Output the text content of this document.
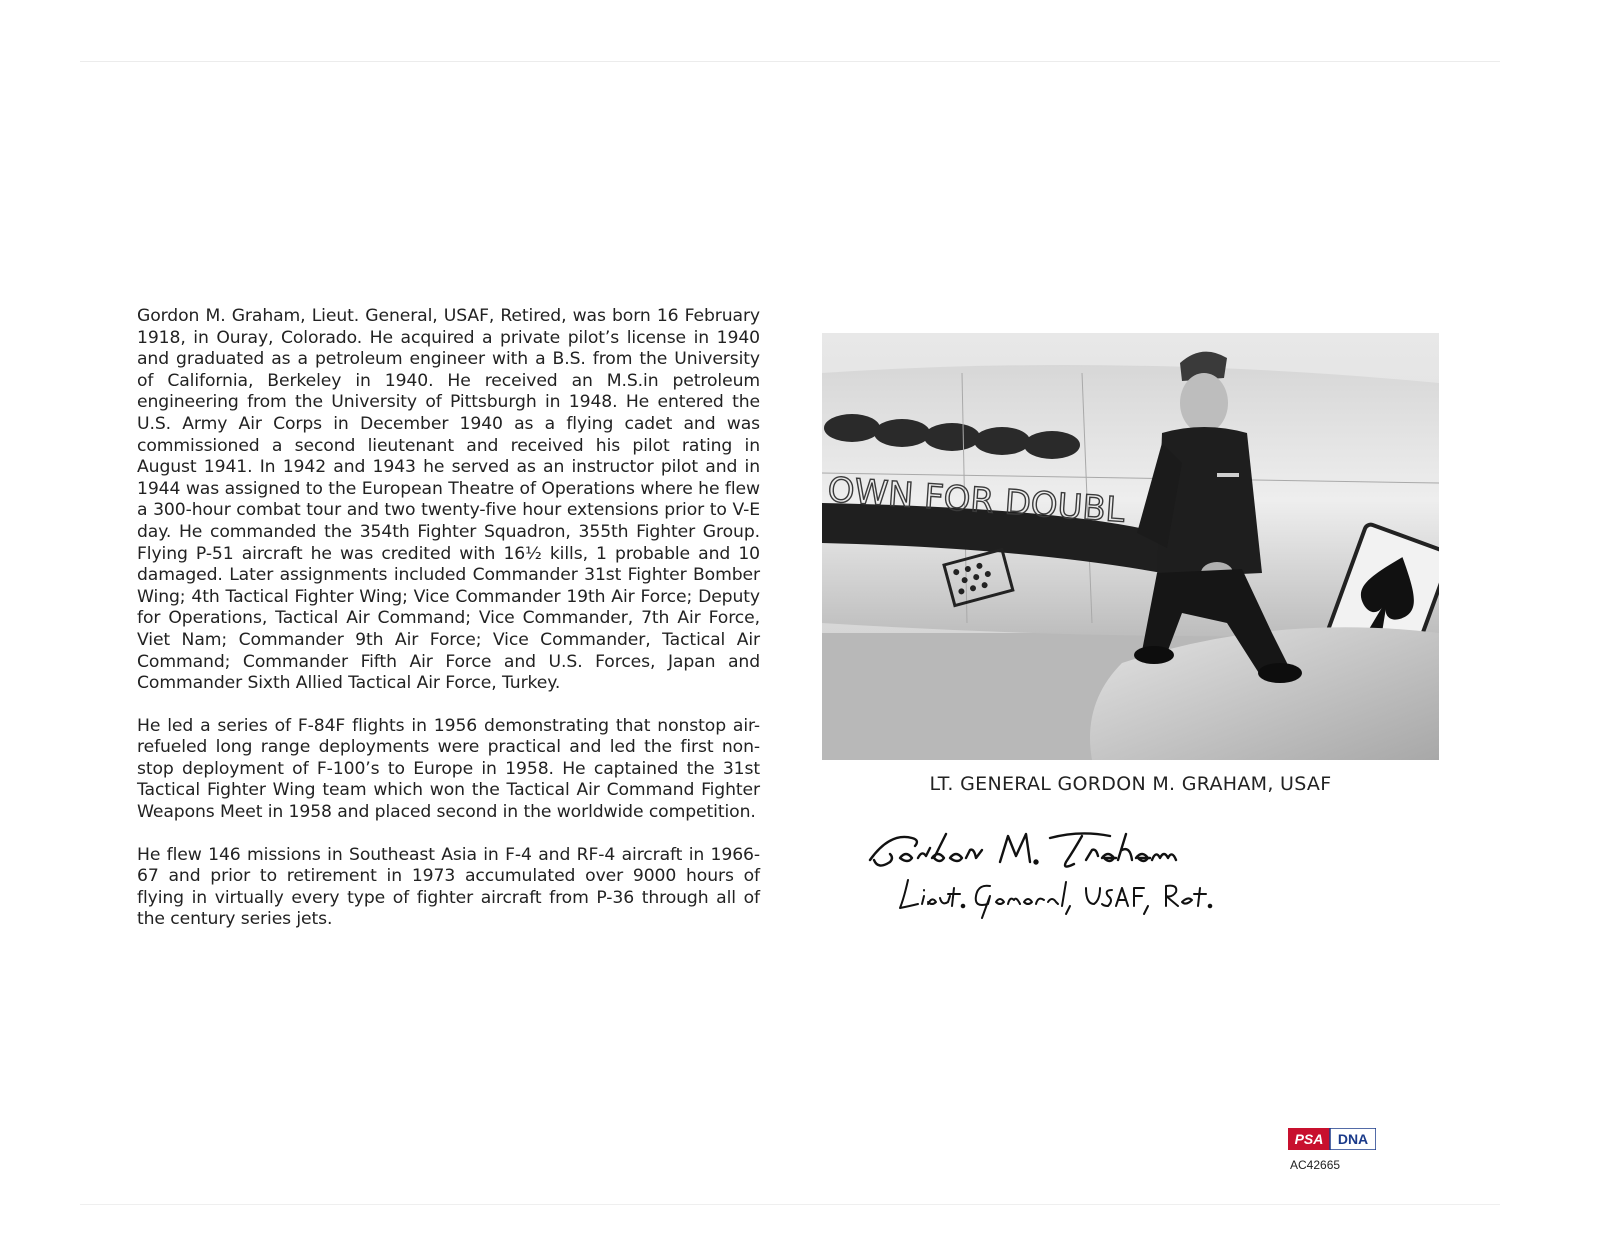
Gordon M. Graham, Lieut. General, USAF, Retired, was born 16 February 1918, in Ouray, Colorado. He acquired a private pilot’s license in 1940 and graduated as a petroleum engineer with a B.S. from the University of California, Berkeley in 1940. He received an M.S.in petroleum engineering from the University of Pittsburgh in 1948. He entered the U.S. Army Air Corps in December 1940 as a flying cadet and was commissioned a second lieutenant and received his pilot rating in August 1941. In 1942 and 1943 he served as an instructor pilot and in 1944 was assigned to the European Theatre of Operations where he flew a 300-hour combat tour and two twenty-five hour extensions prior to V-E day. He commanded the 354th Fighter Squadron, 355th Fighter Group. Flying P-51 aircraft he was credited with 16½ kills, 1 probable and 10 damaged. Later assignments included Commander 31st Fighter Bomber Wing; 4th Tactical Fighter Wing; Vice Commander 19th Air Force; Deputy for Operations, Tactical Air Command; Vice Commander, 7th Air Force, Viet Nam; Commander 9th Air Force; Vice Commander, Tactical Air Command; Commander Fifth Air Force and U.S. Forces, Japan and Commander Sixth Allied Tactical Air Force, Turkey.

He led a series of F-84F flights in 1956 demonstrating that nonstop air-refueled long range deployments were practical and led the first non-stop deployment of F-100’s to Europe in 1958. He captained the 31st Tactical Fighter Wing team which won the Tactical Air Command Fighter Weapons Meet in 1958 and placed second in the worldwide competition.

He flew 146 missions in Southeast Asia in F-4 and RF-4 aircraft in 1966-67 and prior to retirement in 1973 accumulated over 9000 hours of flying in virtually every type of fighter aircraft from P-36 through all of the century series jets.

OWN FOR DOUBL
LT. GENERAL GORDON M. GRAHAM, USAF
PSA DNA
AC42665
